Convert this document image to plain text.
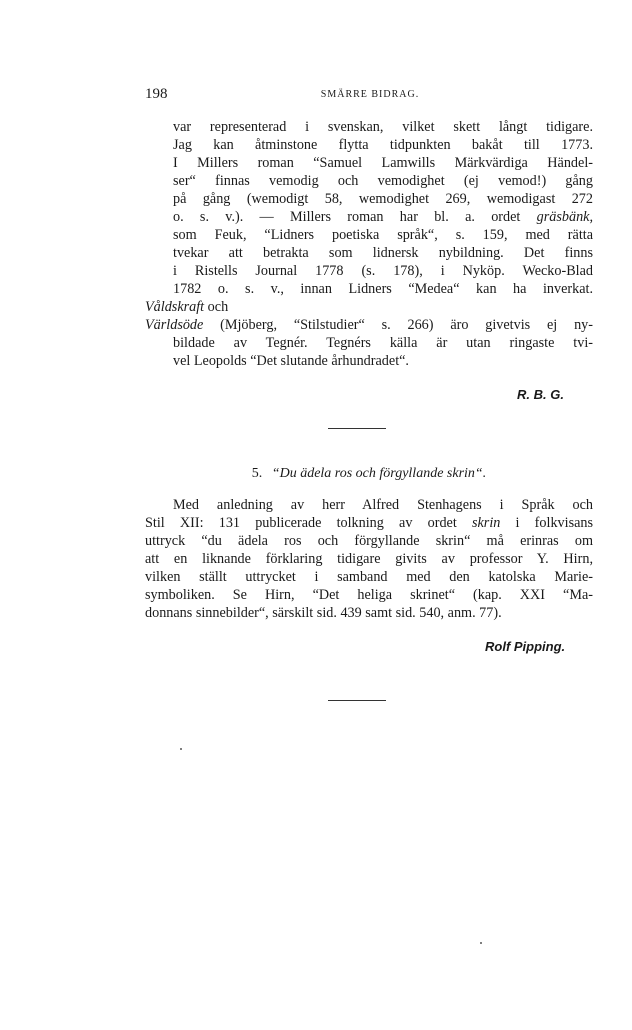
198	SMÄRRE BIDRAG.
var representerad i svenskan, vilket skett långt tidigare.
Jag kan åtminstone flytta tidpunkten bakåt till 1773.
I Millers roman “Samuel Lamwills Märkvärdiga Händel-
ser“ finnas vemodig och vemodighet (ej vemod!) gång
på gång (wemodigt 58, wemodighet 269, wemodigast 272
o. s. v.). — Millers roman har bl. a. ordet gräsbänk,
som Feuk, “Lidners poetiska språk“, s. 159, med rätta
tvekar att betrakta som lidnersk nybildning. Det finns
i Ristells Journal 1778 (s. 178), i Nyköp. Wecko-Blad
1782 o. s. v., innan Lidners “Medea“ kan ha inverkat.
Våldskraft och
Världsöde (Mjöberg, “Stilstudier“ s. 266) äro givetvis ej ny-
bildade av Tegnér. Tegnérs källa är utan ringaste tvi-
vel Leopolds “Det slutande århundradet“.
R. B. G.
5. “Du ädela ros och förgyllande skrin“.
Med anledning av herr Alfred Stenhagens i Språk och
Stil XII: 131 publicerade tolkning av ordet skrin i folkvisans
uttryck “du ädela ros och förgyllande skrin“ må erinras om
att en liknande förklaring tidigare givits av professor Y. Hirn,
vilken ställt uttrycket i samband med den katolska Marie-
symboliken. Se Hirn, “Det heliga skrinet“ (kap. XXI “Ma-
donnans sinnebilder“, särskilt sid. 439 samt sid. 540, anm. 77).
Rolf Pipping.
